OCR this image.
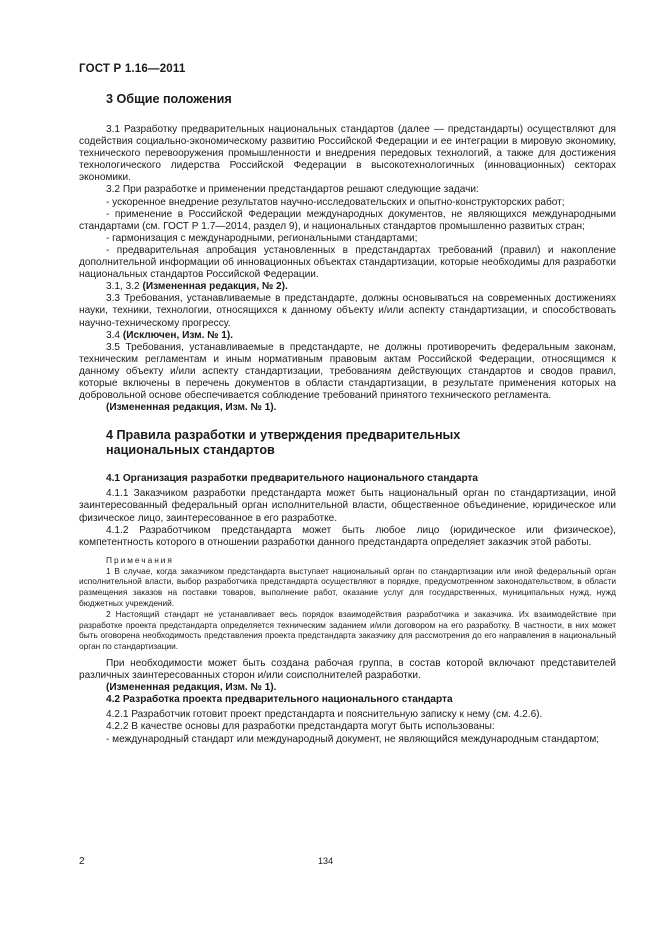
ГОСТ Р 1.16—2011
3 Общие положения

3.1 Разработку предварительных национальных стандартов (далее — предстандарты) осуществляют для содействия социально-экономическому развитию Российской Федерации и ее интеграции в мировую экономику, технического перевооружения промышленности и внедрения передовых технологий, а также для достижения технологического лидерства Российской Федерации в высокотехнологичных (инновационных) секторах экономики.

3.2 При разработке и применении предстандартов решают следующие задачи:

- ускоренное внедрение результатов научно-исследовательских и опытно-конструкторских работ;

- применение в Российской Федерации международных документов, не являющихся международными стандартами (см. ГОСТ Р 1.7—2014, раздел 9), и национальных стандартов промышленно развитых стран;

- гармонизация с международными, региональными стандартами;

- предварительная апробация установленных в предстандартах требований (правил) и накопление дополнительной информации об инновационных объектах стандартизации, которые необходимы для разработки национальных стандартов Российской Федерации.

3.1, 3.2 (Измененная редакция, № 2).

3.3 Требования, устанавливаемые в предстандарте, должны основываться на современных достижениях науки, техники, технологии, относящихся к данному объекту и/или аспекту стандартизации, и способствовать научно-техническому прогрессу.

3.4 (Исключен, Изм. № 1).

3.5 Требования, устанавливаемые в предстандарте, не должны противоречить федеральным законам, техническим регламентам и иным нормативным правовым актам Российской Федерации, относящимся к данному объекту и/или аспекту стандартизации, требованиям действующих стандартов и сводов правил, которые включены в перечень документов в области стандартизации, в результате применения которых на добровольной основе обеспечивается соблюдение требований принятого технического регламента.

(Измененная редакция, Изм. № 1).

4 Правила разработки и утверждения предварительных
национальных стандартов

4.1 Организация разработки предварительного национального стандарта

4.1.1 Заказчиком разработки предстандарта может быть национальный орган по стандартизации, иной заинтересованный федеральный орган исполнительной власти, общественное объединение, юридическое или физическое лицо, заинтересованное в его разработке.

4.1.2 Разработчиком предстандарта может быть любое лицо (юридическое или физическое), компетентность которого в отношении разработки данного предстандарта определяет заказчик этой работы.

Примечания

1 В случае, когда заказчиком предстандарта выступает национальный орган по стандартизации или иной федеральный орган исполнительной власти, выбор разработчика предстандарта осуществляют в порядке, предусмотренном законодательством, в области размещения заказов на поставки товаров, выполнение работ, оказание услуг для государственных, муниципальных нужд, нужд бюджетных учреждений.

2 Настоящий стандарт не устанавливает весь порядок взаимодействия разработчика и заказчика. Их взаимодействие при разработке проекта предстандарта определяется техническим заданием и/или договором на его разработку. В частности, в них может быть оговорена необходимость представления проекта предстандарта заказчику для рассмотрения до его направления в национальный орган по стандартизации.

При необходимости может быть создана рабочая группа, в состав которой включают представителей различных заинтересованных сторон и/или соисполнителей разработки.

(Измененная редакция, Изм. № 1).

4.2 Разработка проекта предварительного национального стандарта

4.2.1 Разработчик готовит проект предстандарта и пояснительную записку к нему (см. 4.2.6).

4.2.2 В качестве основы для разработки предстандарта могут быть использованы:

- международный стандарт или международный документ, не являющийся международным стандартом;

2	134
